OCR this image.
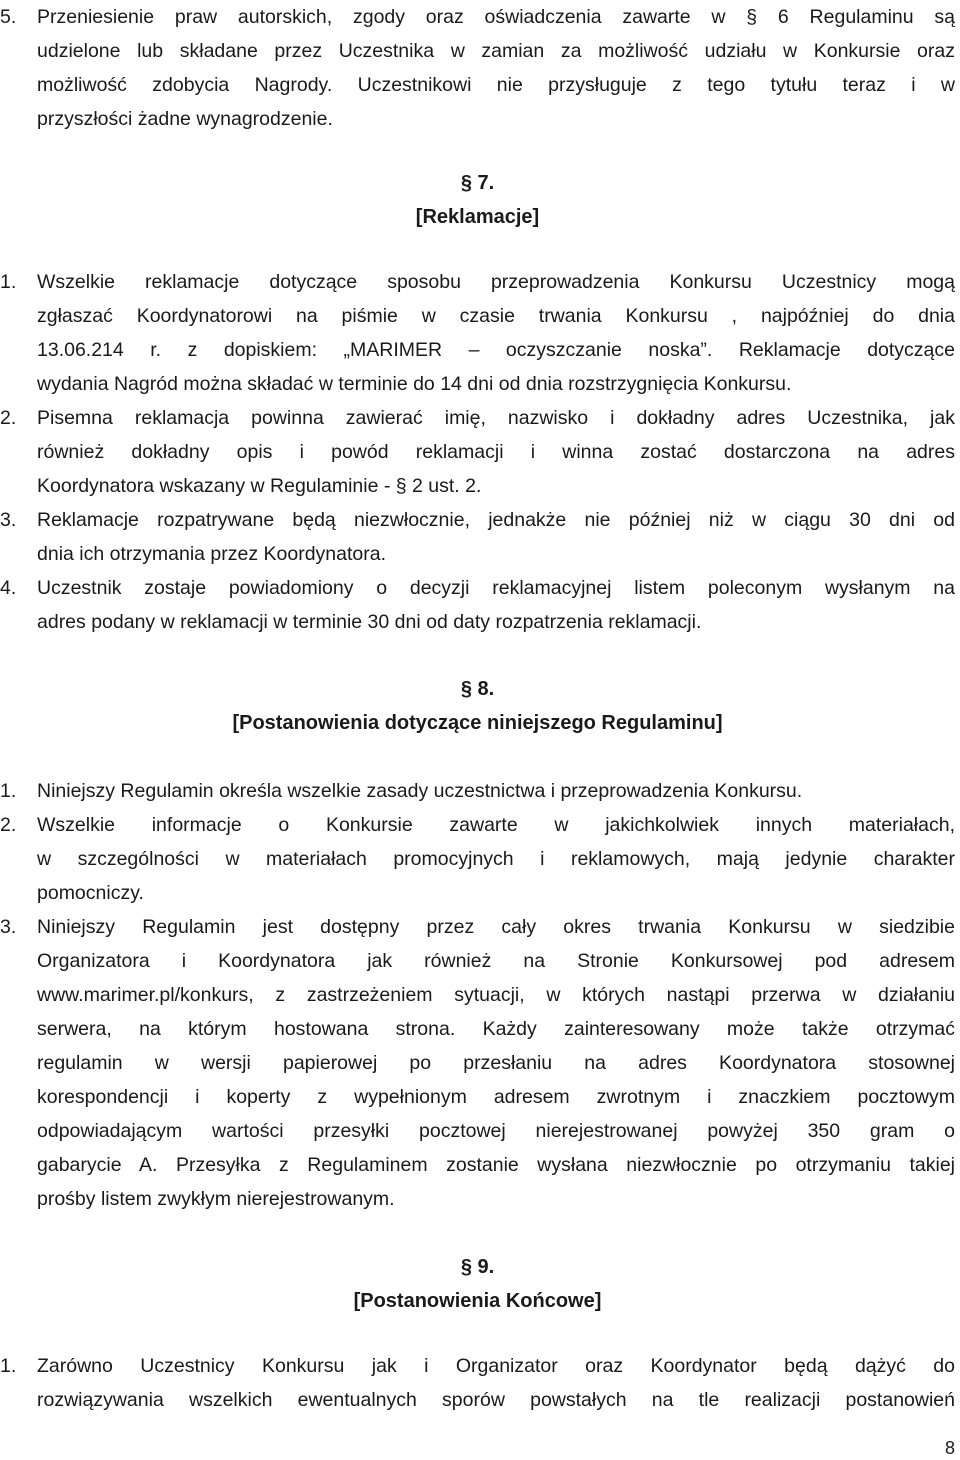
5.	Przeniesienie praw autorskich, zgody oraz oświadczenia zawarte w § 6 Regulaminu są
udzielone lub składane przez Uczestnika w zamian za możliwość udziału w Konkursie oraz
możliwość zdobycia Nagrody. Uczestnikowi nie przysługuje z tego tytułu teraz i w
przyszłości żadne wynagrodzenie.
§ 7.
[Reklamacje]
1.	Wszelkie reklamacje dotyczące sposobu przeprowadzenia Konkursu Uczestnicy mogą
zgłaszać Koordynatorowi na piśmie w czasie trwania Konkursu , najpóźniej do dnia
13.06.214 r. z dopiskiem: „MARIMER – oczyszczanie noska”. Reklamacje dotyczące
wydania Nagród można składać w terminie do 14 dni od dnia rozstrzygnięcia Konkursu.
2.	Pisemna reklamacja powinna zawierać imię, nazwisko i dokładny adres Uczestnika, jak
również dokładny opis i powód reklamacji i winna zostać dostarczona na adres
Koordynatora wskazany w Regulaminie - § 2 ust. 2.
3.	Reklamacje rozpatrywane będą niezwłocznie, jednakże nie później niż w ciągu 30 dni od
dnia ich otrzymania przez Koordynatora.
4.	Uczestnik zostaje powiadomiony o decyzji reklamacyjnej listem poleconym wysłanym na
adres podany w reklamacji w terminie 30 dni od daty rozpatrzenia reklamacji.
§ 8.
[Postanowienia dotyczące niniejszego Regulaminu]
1.	Niniejszy Regulamin określa wszelkie zasady uczestnictwa i przeprowadzenia Konkursu.
2.	Wszelkie informacje o Konkursie zawarte w jakichkolwiek innych materiałach,
w szczególności w materiałach promocyjnych i reklamowych, mają jedynie charakter
pomocniczy.
3.	Niniejszy Regulamin jest dostępny przez cały okres trwania Konkursu w siedzibie
Organizatora i Koordynatora jak również na Stronie Konkursowej pod adresem
www.marimer.pl/konkurs, z zastrzeżeniem sytuacji, w których nastąpi przerwa w działaniu
serwera, na którym hostowana strona. Każdy zainteresowany może także otrzymać
regulamin w wersji papierowej po przesłaniu na adres Koordynatora stosownej
korespondencji i koperty z wypełnionym adresem zwrotnym i znaczkiem pocztowym
odpowiadającym wartości przesyłki pocztowej nierejestrowanej powyżej 350 gram o
gabarycie A. Przesyłka z Regulaminem zostanie wysłana niezwłocznie po otrzymaniu takiej
prośby listem zwykłym nierejestrowanym.
§ 9.
[Postanowienia Końcowe]
1.	Zarówno Uczestnicy Konkursu jak i Organizator oraz Koordynator będą dążyć do
rozwiązywania wszelkich ewentualnych sporów powstałych na tle realizacji postanowień
8
